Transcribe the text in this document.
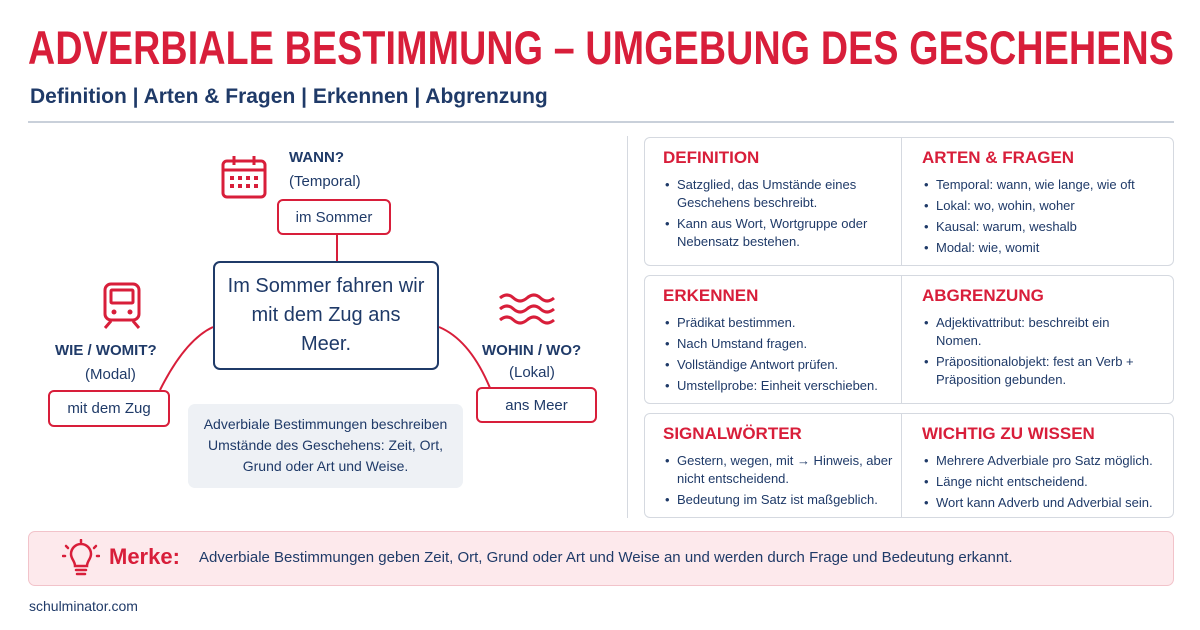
ADVERBIALE BESTIMMUNG – UMGEBUNG DES GESCHEHENS
Definition | Arten & Fragen | Erkennen | Abgrenzung
WANN?
(Temporal)
im Sommer
Im Sommer fahren wir mit dem Zug ans Meer.
WIE / WOMIT?
(Modal)
mit dem Zug
WOHIN / WO?
(Lokal)
ans Meer
Adverbiale Bestimmungen beschreiben Umstände des Geschehens: Zeit, Ort, Grund oder Art und Weise.
DEFINITION
• Satzglied, das Umstände eines Geschehens beschreibt.
• Kann aus Wort, Wortgruppe oder Nebensatz bestehen.
ARTEN & FRAGEN
• Temporal: wann, wie lange, wie oft
• Lokal: wo, wohin, woher
• Kausal: warum, weshalb
• Modal: wie, womit
ERKENNEN
• Prädikat bestimmen.
• Nach Umstand fragen.
• Vollständige Antwort prüfen.
• Umstellprobe: Einheit verschieben.
ABGRENZUNG
• Adjektivattribut: beschreibt ein Nomen.
• Präpositionalobjekt: fest an Verb + Präposition gebunden.
SIGNALWÖRTER
• Gestern, wegen, mit → Hinweis, aber nicht entscheidend.
• Bedeutung im Satz ist maßgeblich.
WICHTIG ZU WISSEN
• Mehrere Adverbiale pro Satz möglich.
• Länge nicht entscheidend.
• Wort kann Adverb und Adverbial sein.
Merke: Adverbiale Bestimmungen geben Zeit, Ort, Grund oder Art und Weise an und werden durch Frage und Bedeutung erkannt.
schulminator.com
